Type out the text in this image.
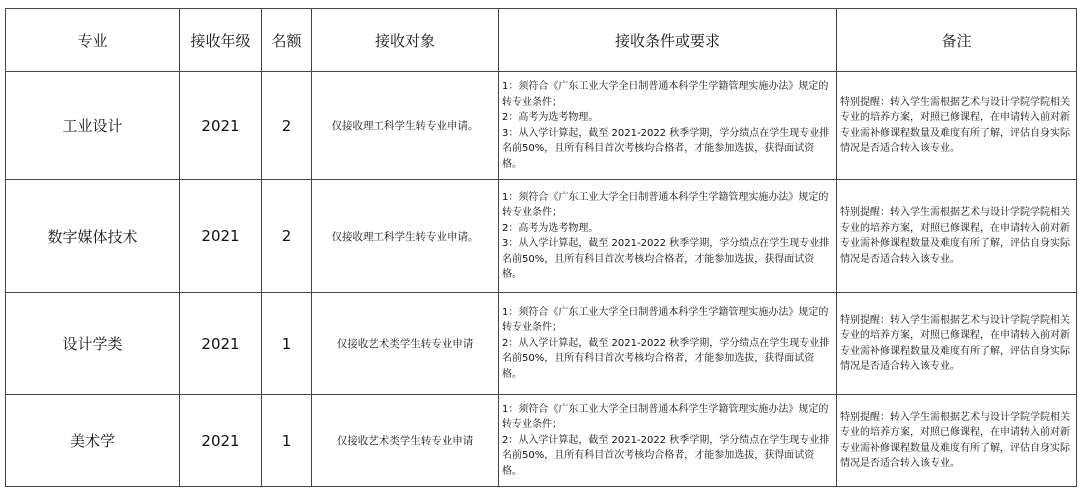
专业	接收年级	名额	接收对象	接收条件或要求	备注
工业设计	2021	2	仅接收理工科学生转专业申请。	1：须符合《广东工业大学全日制普通本科学生学籍管理实施办法》规定的转专业条件；
2：高考为选考物理。
3：从入学计算起，截至 2021-2022 秋季学期，学分绩点在学生现专业排名前50%，且所有科目首次考核均合格者，才能参加选拔，获得面试资格。	特别提醒：转入学生需根据艺术与设计学院学院相关专业的培养方案，对照已修课程，在申请转入前对新专业需补修课程数量及难度有所了解，评估自身实际情况是否适合转入该专业。

数字媒体技术	2021	2	仅接收理工科学生转专业申请。	1：须符合《广东工业大学全日制普通本科学生学籍管理实施办法》规定的转专业条件；
2：高考为选考物理。
3：从入学计算起，截至 2021-2022 秋季学期，学分绩点在学生现专业排名前50%，且所有科目首次考核均合格者，才能参加选拔，获得面试资格。	特别提醒：转入学生需根据艺术与设计学院学院相关专业的培养方案，对照已修课程，在申请转入前对新专业需补修课程数量及难度有所了解，评估自身实际情况是否适合转入该专业。

设计学类	2021	1	仅接收艺术类学生转专业申请	1：须符合《广东工业大学全日制普通本科学生学籍管理实施办法》规定的转专业条件；
2：从入学计算起，截至 2021-2022 秋季学期，学分绩点在学生现专业排名前50%，且所有科目首次考核均合格者，才能参加选拔，获得面试资格。	特别提醒：转入学生需根据艺术与设计学院学院相关专业的培养方案，对照已修课程，在申请转入前对新专业需补修课程数量及难度有所了解，评估自身实际情况是否适合转入该专业。

美术学	2021	1	仅接收艺术类学生转专业申请	1：须符合《广东工业大学全日制普通本科学生学籍管理实施办法》规定的转专业条件；
2：从入学计算起，截至 2021-2022 秋季学期，学分绩点在学生现专业排名前50%，且所有科目首次考核均合格者，才能参加选拔，获得面试资格。	特别提醒：转入学生需根据艺术与设计学院学院相关专业的培养方案，对照已修课程，在申请转入前对新专业需补修课程数量及难度有所了解，评估自身实际情况是否适合转入该专业。
